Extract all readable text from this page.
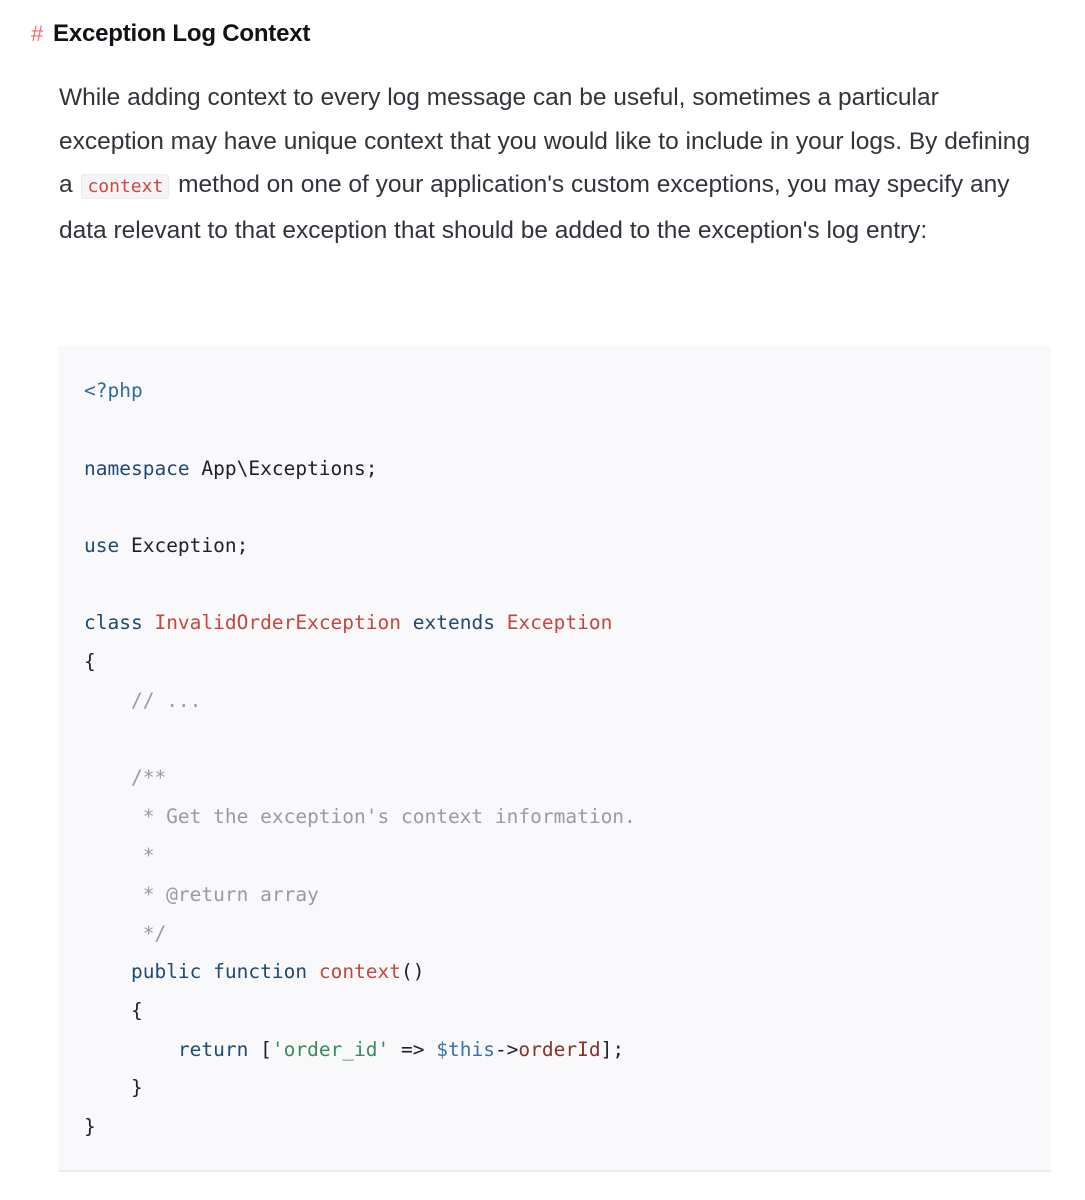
# Exception Log Context

While adding context to every log message can be useful, sometimes a particular exception may have unique context that you would like to include in your logs. By defining a context method on one of your application's custom exceptions, you may specify any data relevant to that exception that should be added to the exception's log entry:

<?php
namespace App\Exceptions;
use Exception;
class InvalidOrderException extends Exception
{
// ...
/**
* Get the exception's context information.
*
* @return array
*/
public function context()
{
return ['order_id' => $this->orderId];
}
}
